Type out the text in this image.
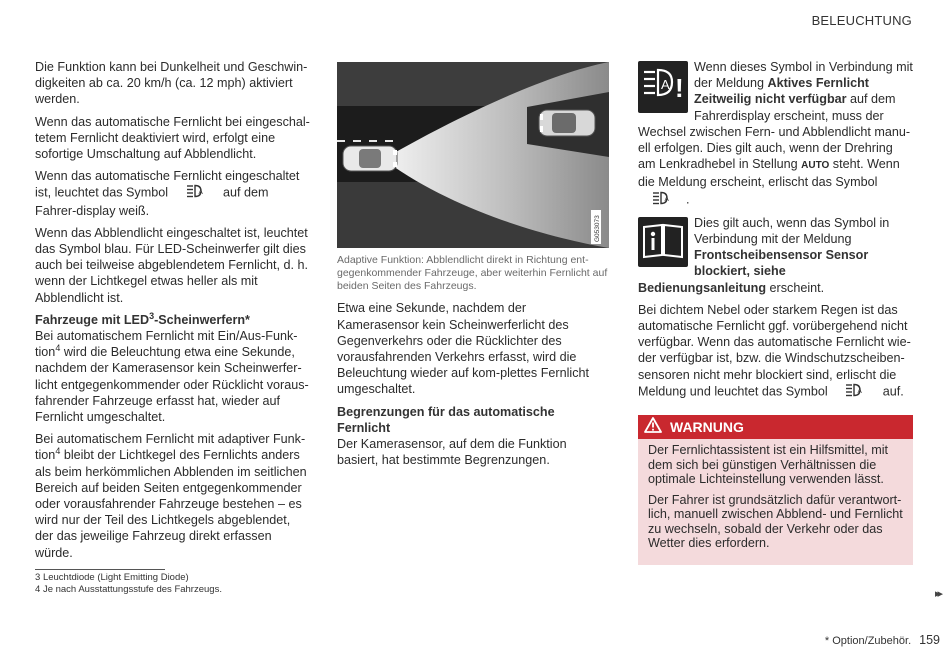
BELEUCHTUNG

Die Funktion kann bei Dunkelheit und Geschwin-digkeiten ab ca. 20 km/h (ca. 12 mph) aktiviert werden.

Wenn das automatische Fernlicht bei eingeschal-tetem Fernlicht deaktiviert wird, erfolgt eine sofortige Umschaltung auf Abblendlicht.

Wenn das automatische Fernlicht eingeschaltet ist, leuchtet das Symbol	A auf dem Fahrer-display weiß.

Wenn das Abblendlicht eingeschaltet ist, leuchtet das Symbol blau. Für LED-Scheinwerfer gilt dies auch bei teilweise abgeblendetem Fernlicht, d. h. wenn der Lichtkegel etwas heller als mit Abblendlicht ist.

Fahrzeuge mit LED$^3$-Scheinwerfern*

Bei automatischem Fernlicht mit Ein/Aus-Funk-tion$^4$ wird die Beleuchtung etwa eine Sekunde, nachdem der Kamerasensor kein Scheinwerfer-licht entgegenkommender oder Rücklicht voraus-fahrender Fahrzeuge erfasst hat, wieder auf Fernlicht umgeschaltet.

Bei automatischem Fernlicht mit adaptiver Funk-tion$^4$ bleibt der Lichtkegel des Fernlichts anders als beim herkömmlichen Abblenden im seitlichen Bereich auf beiden Seiten entgegenkommender oder vorausfahrender Fahrzeuge bestehen – es wird nur der Teil des Lichtkegels abgeblendet, der das jeweilige Fahrzeug direkt erfassen würde.

G053073
Adaptive Funktion: Abblendlicht direkt in Richtung ent-gegenkommender Fahrzeuge, aber weiterhin Fernlicht auf beiden Seiten des Fahrzeugs.

Etwa eine Sekunde, nachdem der Kamerasensor kein Scheinwerferlicht des Gegenverkehrs oder die Rücklichter des vorausfahrenden Verkehrs erfasst, wird die Beleuchtung wieder auf kom-plettes Fernlicht umgeschaltet.

Begrenzungen für das automatische Fernlicht

Der Kamerasensor, auf dem die Funktion basiert, hat bestimmte Begrenzungen.

A !
Wenn dieses Symbol in Verbindung mit der Meldung Aktives Fernlicht Zeitweilig nicht verfügbar auf dem Fahrerdisplay erscheint, muss der Wechsel zwischen Fern- und Abblendlicht manu-ell erfolgen. Dies gilt auch, wenn der Drehring am Lenkradhebel in Stellung AUTO steht. Wenn die Meldung erscheint, erlischt das Symbol
A .

Dies gilt auch, wenn das Symbol in Verbindung mit der Meldung Frontscheibensensor Sensor blockiert, siehe Bedienungsanleitung erscheint.

Bei dichtem Nebel oder starkem Regen ist das automatische Fernlicht ggf. vorübergehend nicht verfügbar. Wenn das automatische Fernlicht wie-der verfügbar ist, bzw. die Windschutzscheiben-sensoren nicht mehr blockiert sind, erlischt die Meldung und leuchtet das Symbol	A auf.

WARNUNG

Der Fernlichtassistent ist ein Hilfsmittel, mit dem sich bei günstigen Verhältnissen die optimale Lichteinstellung verwenden lässt.

Der Fahrer ist grundsätzlich dafür verantwort-lich, manuell zwischen Abblend- und Fernlicht zu wechseln, sobald der Verkehr oder das Wetter dies erfordern.

3 Leuchtdiode (Light Emitting Diode)
4 Je nach Ausstattungsstufe des Fahrzeugs.	▸▸
* Option/Zubehör. 159
